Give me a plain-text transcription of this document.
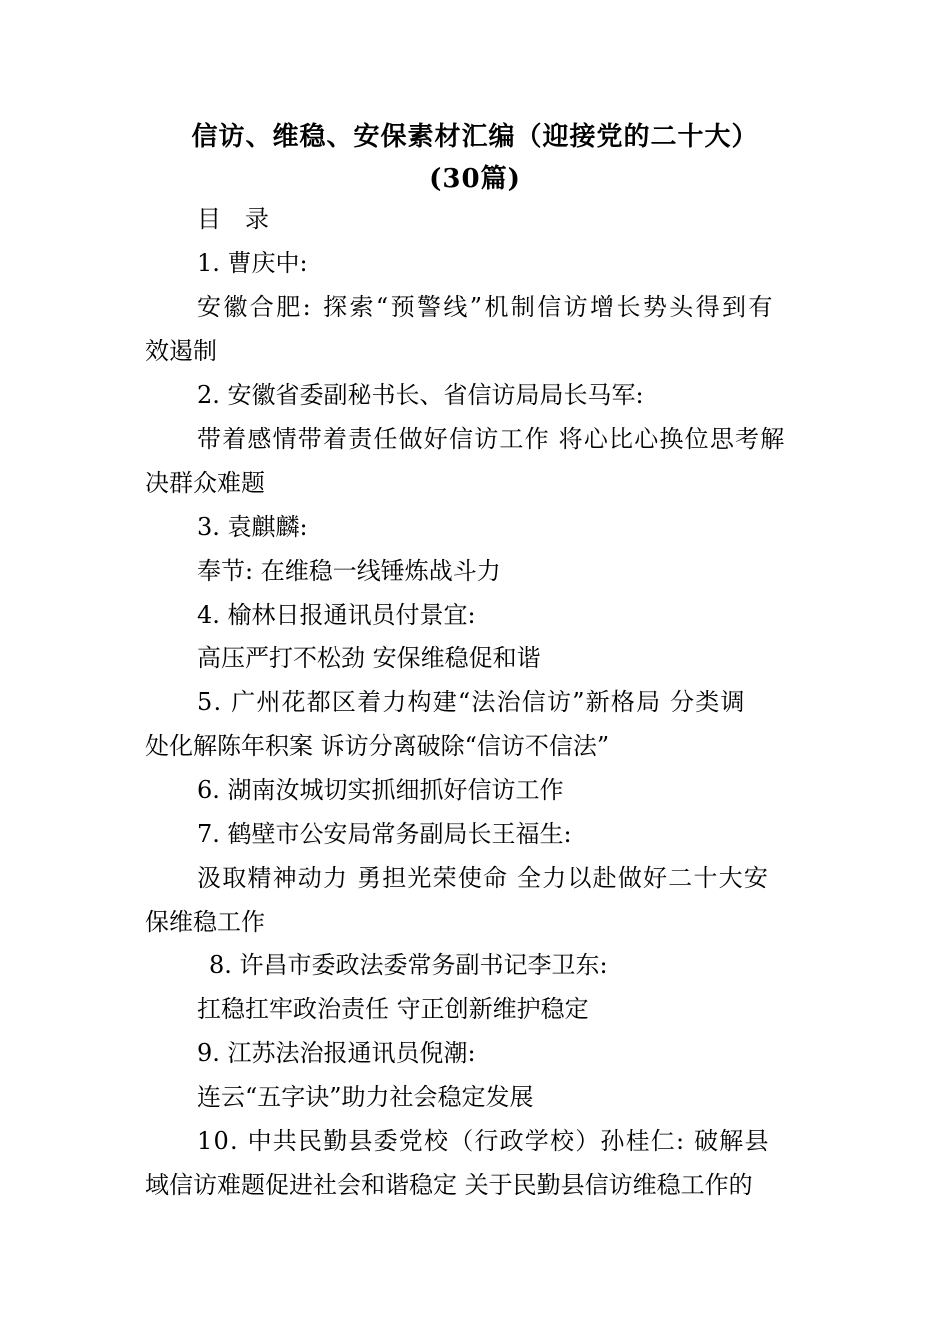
信访、维稳、安保素材汇编（迎接党的二十大）
(30篇)
目　录
1. 曹庆中:
安徽合肥: 探索“预警线”机制信访增长势头得到有
效遏制
2. 安徽省委副秘书长、省信访局局长马军:
带着感情带着责任做好信访工作 将心比心换位思考解
决群众难题
3. 袁麒麟:
奉节: 在维稳一线锤炼战斗力
4. 榆林日报通讯员付景宜:
高压严打不松劲 安保维稳促和谐
5. 广州花都区着力构建“法治信访”新格局 分类调
处化解陈年积案 诉访分离破除“信访不信法”
6. 湖南汝城切实抓细抓好信访工作
7. 鹤壁市公安局常务副局长王福生:
汲取精神动力 勇担光荣使命 全力以赴做好二十大安
保维稳工作
8. 许昌市委政法委常务副书记李卫东:
扛稳扛牢政治责任 守正创新维护稳定
9. 江苏法治报通讯员倪潮:
连云“五字诀”助力社会稳定发展
10. 中共民勤县委党校（行政学校）孙桂仁: 破解县
域信访难题促进社会和谐稳定 关于民勤县信访维稳工作的
